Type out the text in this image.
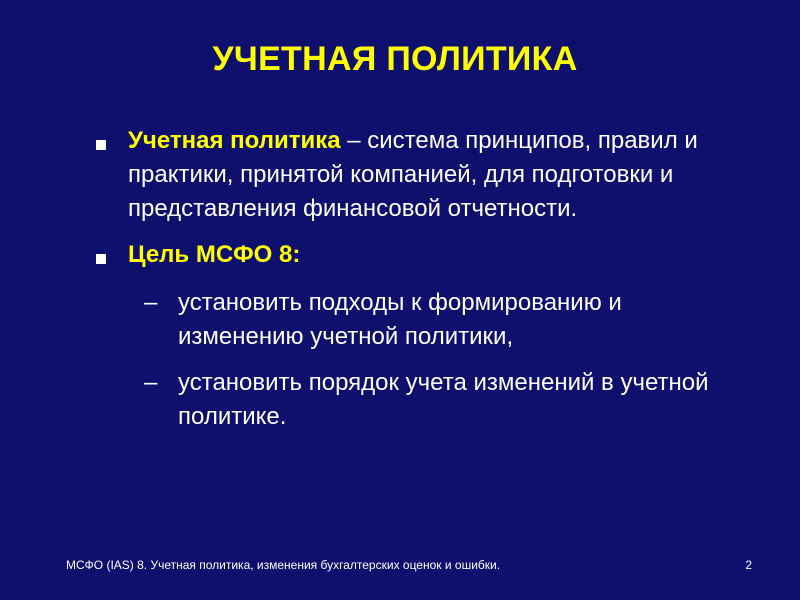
УЧЕТНАЯ ПОЛИТИКА
Учетная политика – система принципов, правил и практики, принятой компанией, для подготовки и представления финансовой отчетности.
Цель МСФО 8:
– установить подходы к формированию и изменению учетной политики,
– установить порядок учета изменений в учетной политике.
МСФО (IAS) 8. Учетная политика, изменения бухгалтерских оценок и ошибки.	2
